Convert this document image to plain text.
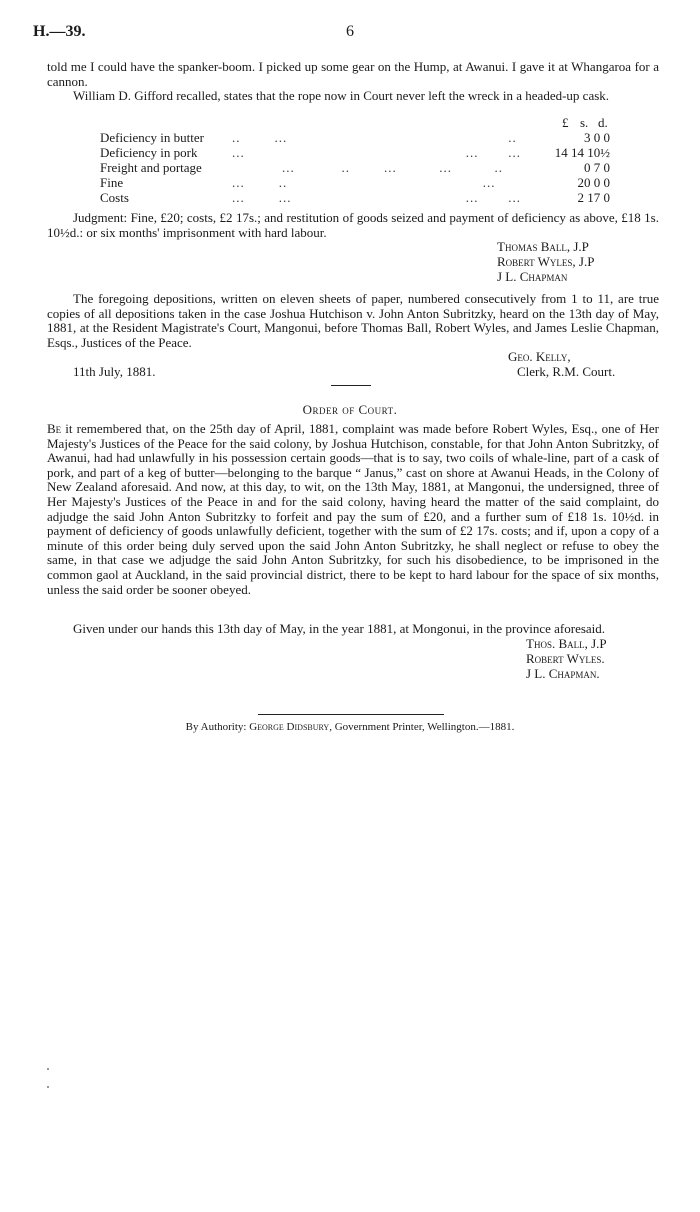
H.—39.	6

told me I could have the spanker-boom. I picked up some gear on the Hump, at Awanui. I gave it at Whangaroa for a cannon.

William D. Gifford recalled, states that the rope now in Court never left the wreck in a headed-up cask.

£ s. d.
Deficiency in butter ..        ...                                                    ..	3 0 0
Deficiency in pork	...                                                    ...       ...	14 14 10½
Freight and portage	...           ..        ...          ...          ..	0 7 0
Fine	...        ..                                              ...	20 0 0
Costs	...        ...                                         ...       ...	2 17 0

Judgment: Fine, £20; costs, £2 17s.; and restitution of goods seized and payment of deficiency as above, £18 1s. 10½d.: or six months' imprisonment with hard labour.

Thomas Ball, J.P
Robert Wyles, J.P
J L. Chapman

The foregoing depositions, written on eleven sheets of paper, numbered consecutively from 1 to 11, are true copies of all depositions taken in the case Joshua Hutchison v. John Anton Subritzky, heard on the 13th day of May, 1881, at the Resident Magistrate's Court, Mangonui, before Thomas Ball, Robert Wyles, and James Leslie Chapman, Esqs., Justices of the Peace.

Geo. Kelly,
Clerk, R.M. Court.
11th July, 1881.
Order of Court.

Be it remembered that, on the 25th day of April, 1881, complaint was made before Robert Wyles, Esq., one of Her Majesty's Justices of the Peace for the said colony, by Joshua Hutchison, constable, for that John Anton Subritzky, of Awanui, had had unlawfully in his possession certain goods—that is to say, two coils of whale-line, part of a cask of pork, and part of a keg of butter—belonging to the barque “ Janus,” cast on shore at Awanui Heads, in the Colony of New Zealand aforesaid. And now, at this day, to wit, on the 13th May, 1881, at Mangonui, the undersigned, three of Her Majesty's Justices of the Peace in and for the said colony, having heard the matter of the said complaint, do adjudge the said John Anton Subritzky to forfeit and pay the sum of £20, and a further sum of £18 1s. 10½d. in payment of deficiency of goods unlawfully deficient, together with the sum of £2 17s. costs; and if, upon a copy of a minute of this order being duly served upon the said John Anton Subritzky, he shall neglect or refuse to obey the same, in that case we adjudge the said John Anton Subritzky, for such his disobedience, to be imprisoned in the common gaol at Auckland, in the said provincial district, there to be kept to hard labour for the space of six months, unless the said order be sooner obeyed.

Given under our hands this 13th day of May, in the year 1881, at Mongonui, in the province aforesaid.

Thos. Ball, J.P
Robert Wyles.
J L. Chapman.
By Authority: George Didsbury, Government Printer, Wellington.—1881.
